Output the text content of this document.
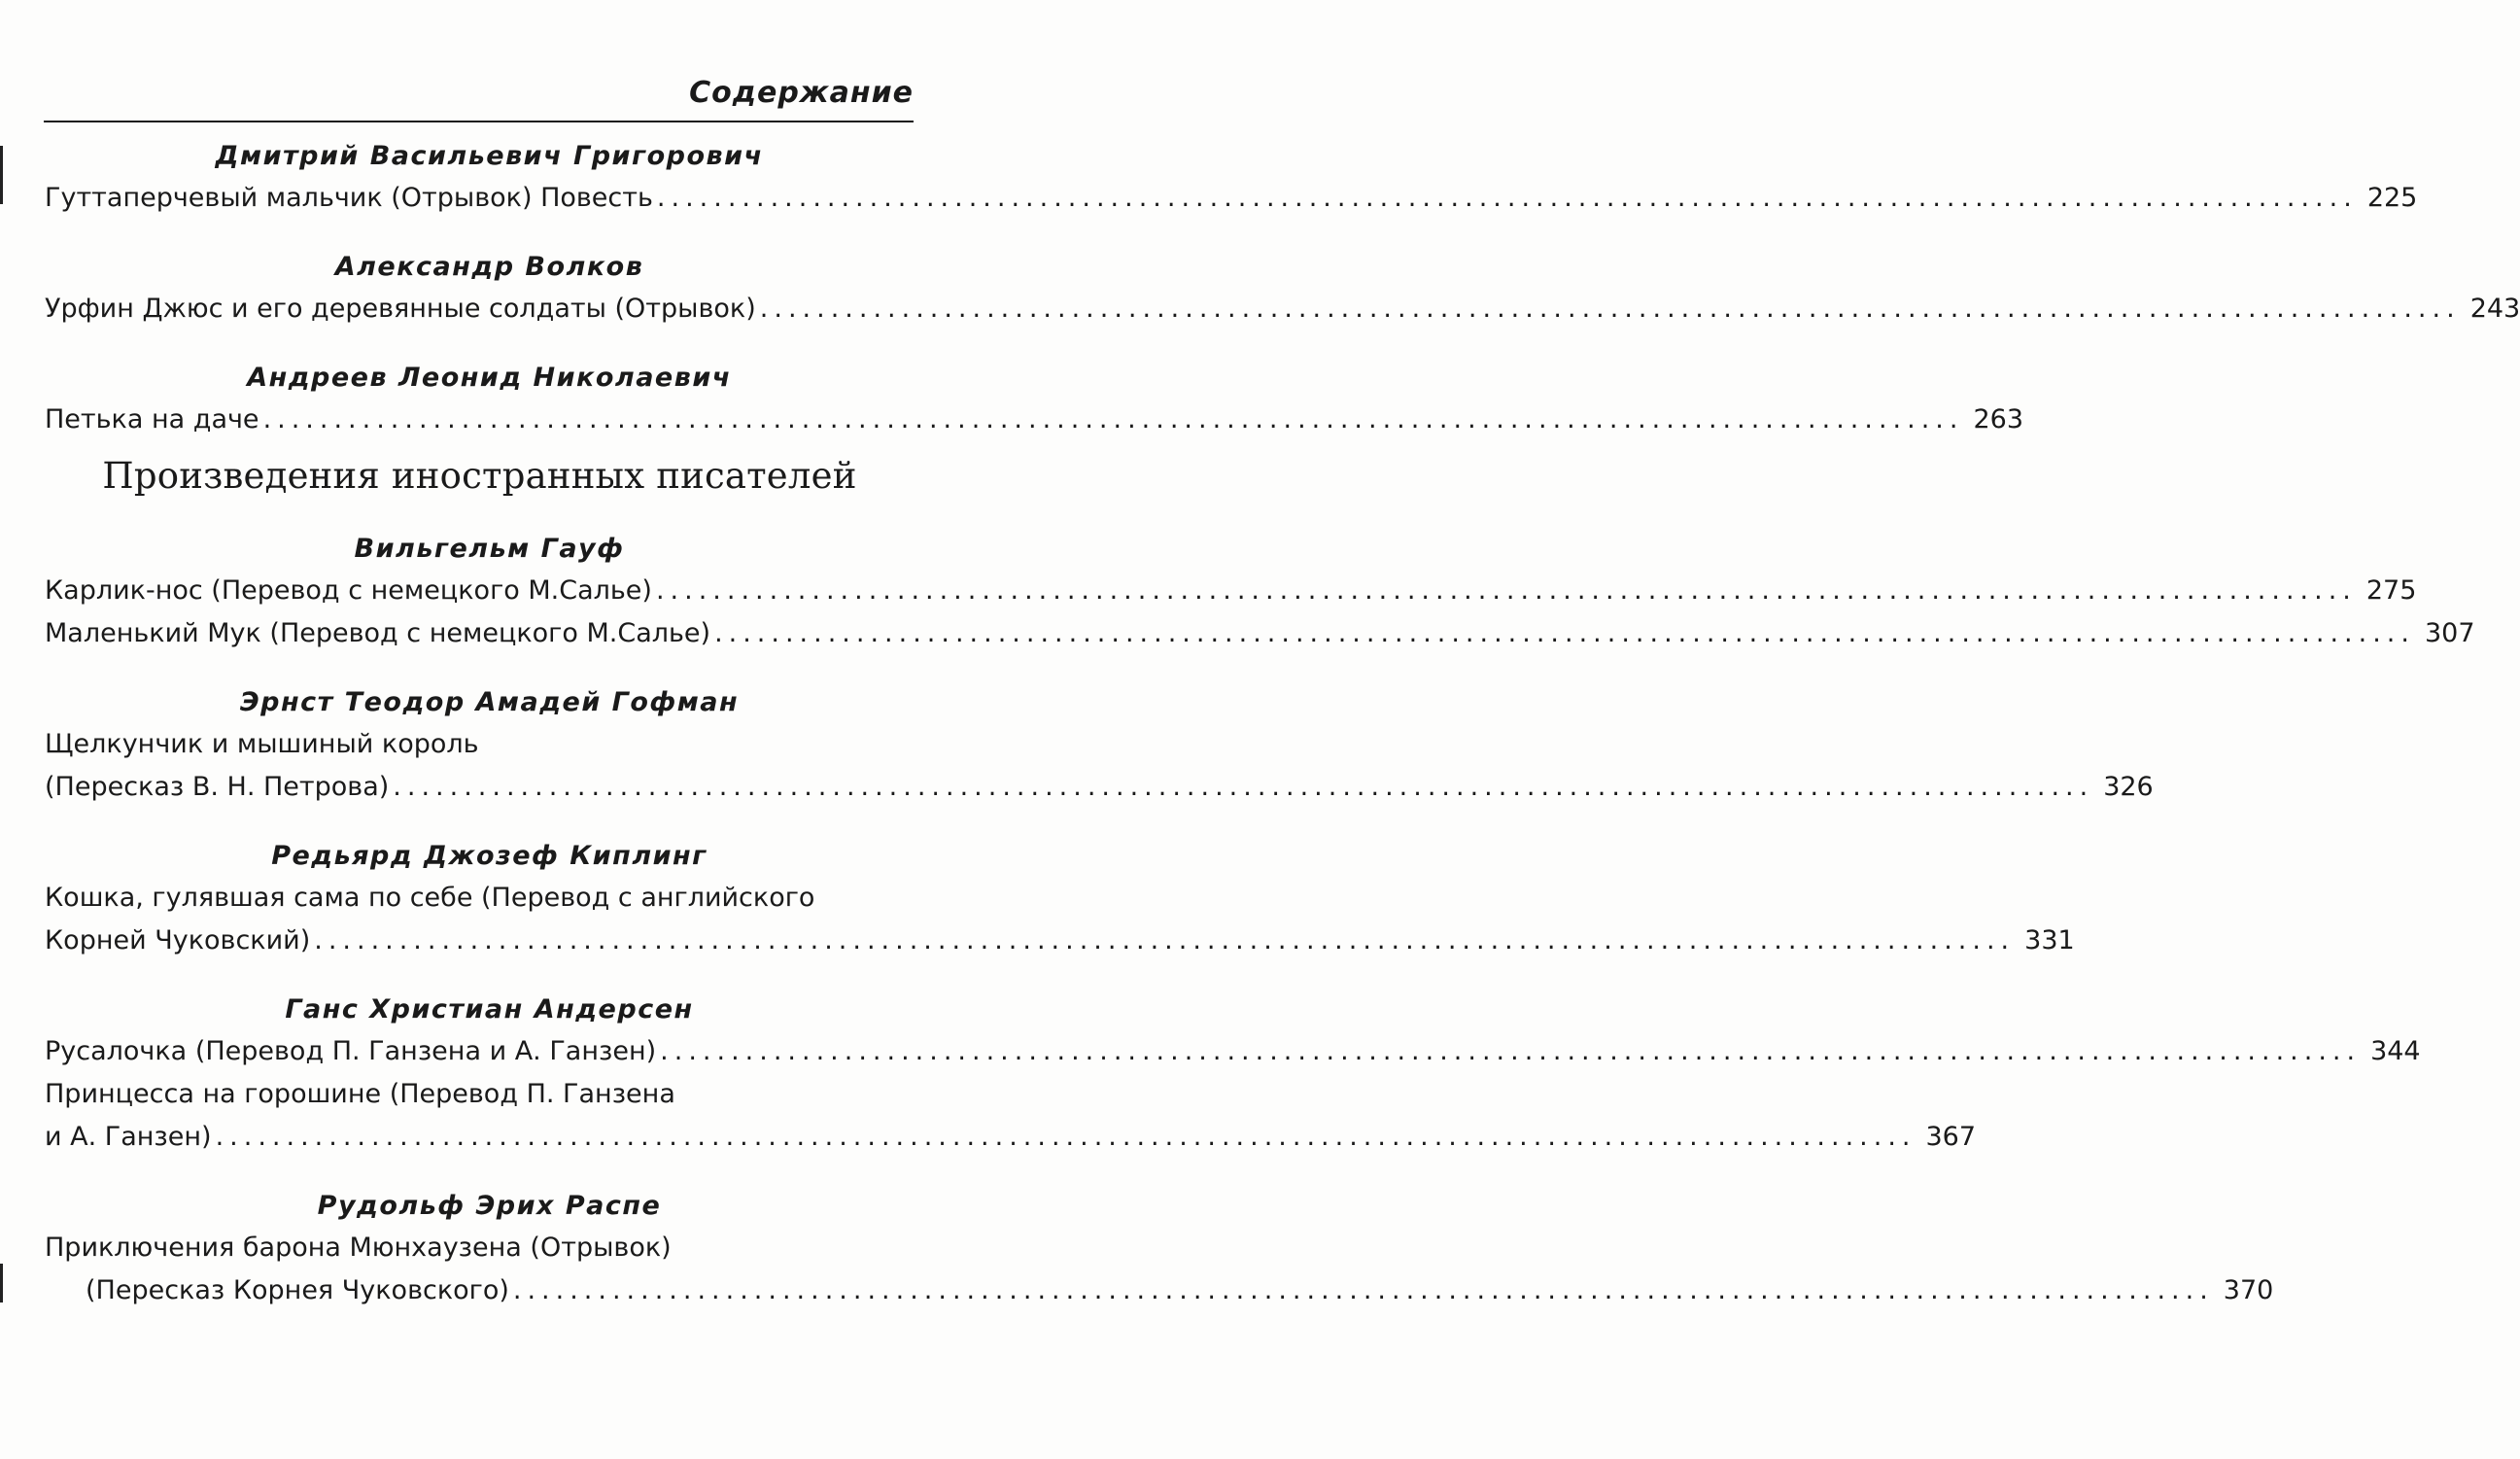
Содержание
Дмитрий Васильевич Григорович
Гуттаперчевый мальчик (Отрывок) Повесть ........................................................................................................................ 225
Александр Волков
Урфин Джюс и его деревянные солдаты (Отрывок) ........................................................................................................................ 243
Андреев Леонид Николаевич
Петька на даче ........................................................................................................................ 263
Произведения иностранных писателей
Вильгельм Гауф
Карлик-нос (Перевод с немецкого М.Салье) ........................................................................................................................ 275
Маленький Мук (Перевод с немецкого М.Салье) ........................................................................................................................ 307
Эрнст Теодор Амадей Гофман
Щелкунчик и мышиный король
(Пересказ В. Н. Петрова) ........................................................................................................................ 326
Редьярд Джозеф Киплинг
Кошка, гулявшая сама по себе (Перевод с английского
Корней Чуковский) ........................................................................................................................ 331
Ганс Христиан Андерсен
Русалочка (Перевод П. Ганзена и А. Ганзен) ........................................................................................................................ 344
Принцесса на горошине (Перевод П. Ганзена
и А. Ганзен) ........................................................................................................................ 367
Рудольф Эрих Распе
Приключения барона Мюнхаузена (Отрывок)
(Пересказ Корнея Чуковского) ........................................................................................................................ 370
